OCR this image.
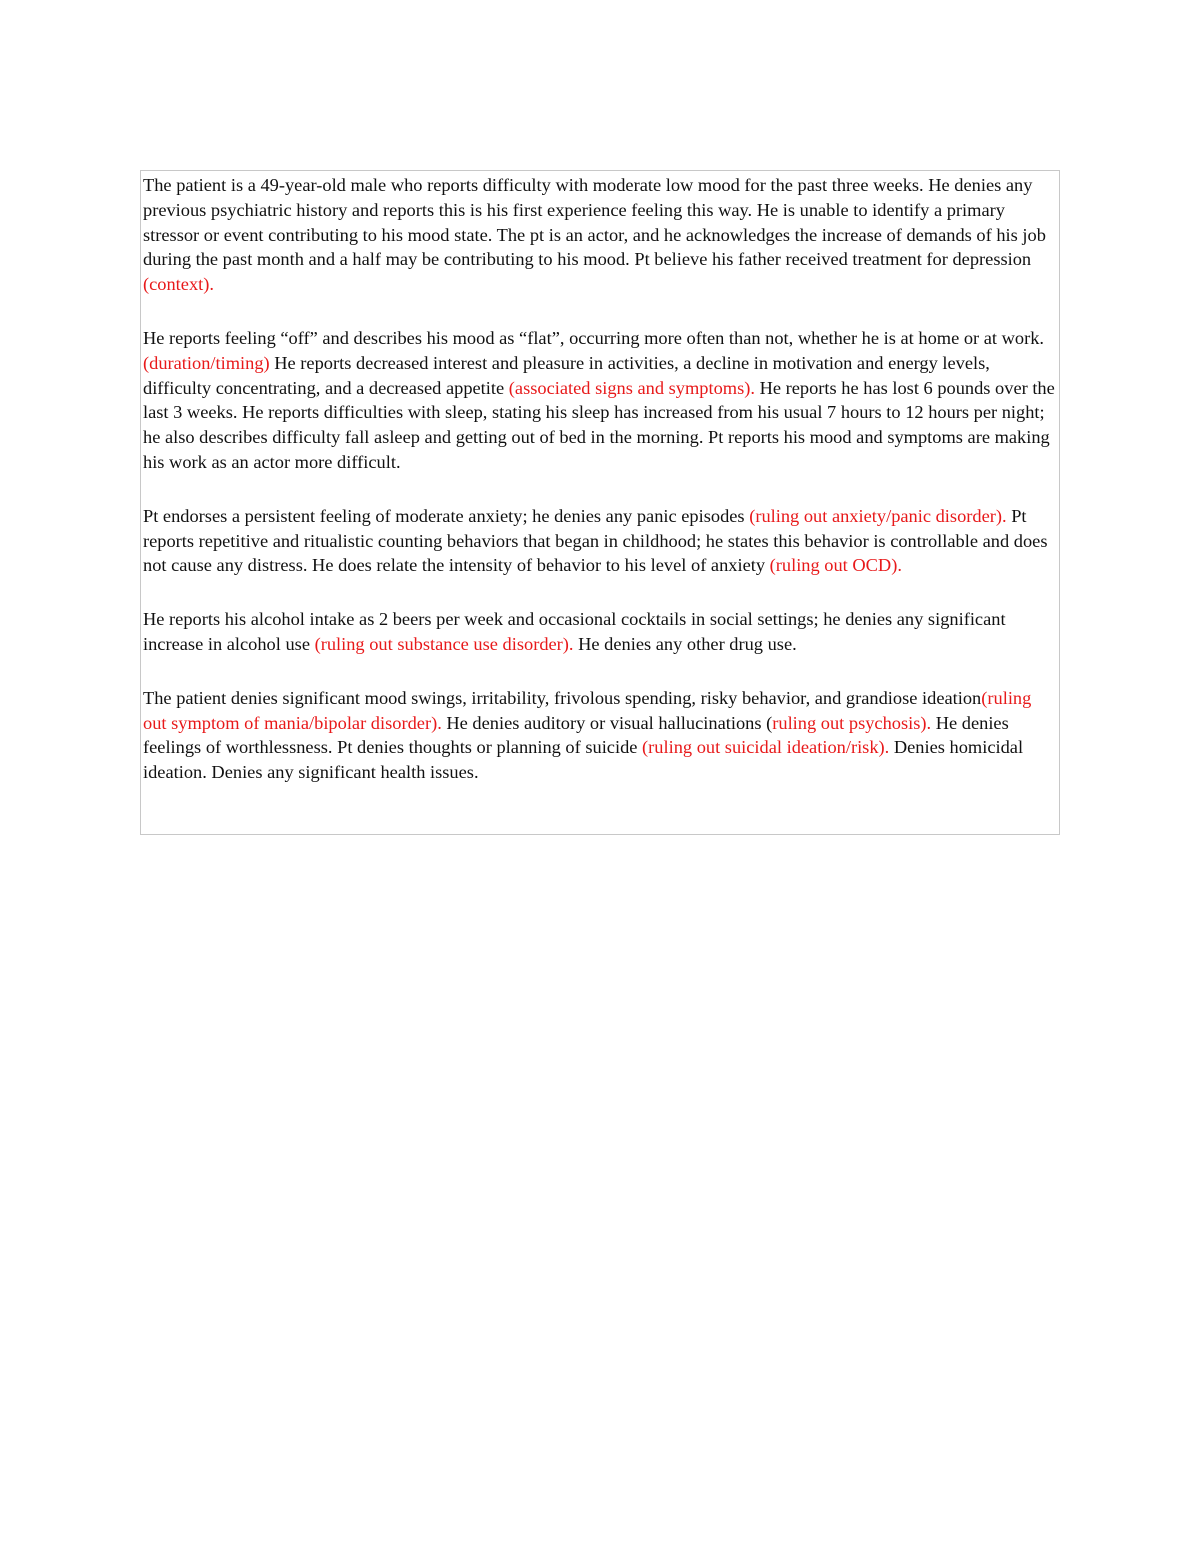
The patient is a 49-year-old male who reports difficulty with moderate low mood for the past three weeks. He denies any previous psychiatric history and reports this is his first experience feeling this way. He is unable to identify a primary stressor or event contributing to his mood state. The pt is an actor, and he acknowledges the increase of demands of his job during the past month and a half may be contributing to his mood. Pt believe his father received treatment for depression (context).

He reports feeling “off” and describes his mood as “flat”, occurring more often than not, whether he is at home or at work. (duration/timing) He reports decreased interest and pleasure in activities, a decline in motivation and energy levels, difficulty concentrating, and a decreased appetite (associated signs and symptoms). He reports he has lost 6 pounds over the last 3 weeks. He reports difficulties with sleep, stating his sleep has increased from his usual 7 hours to 12 hours per night; he also describes difficulty fall asleep and getting out of bed in the morning. Pt reports his mood and symptoms are making his work as an actor more difficult.

Pt endorses a persistent feeling of moderate anxiety; he denies any panic episodes (ruling out anxiety/panic disorder). Pt reports repetitive and ritualistic counting behaviors that began in childhood; he states this behavior is controllable and does not cause any distress. He does relate the intensity of behavior to his level of anxiety (ruling out OCD).

He reports his alcohol intake as 2 beers per week and occasional cocktails in social settings; he denies any significant increase in alcohol use (ruling out substance use disorder). He denies any other drug use.

The patient denies significant mood swings, irritability, frivolous spending, risky behavior, and grandiose ideation(ruling out symptom of mania/bipolar disorder). He denies auditory or visual hallucinations (ruling out psychosis). He denies feelings of worthlessness. Pt denies thoughts or planning of suicide (ruling out suicidal ideation/risk). Denies homicidal ideation. Denies any significant health issues.
